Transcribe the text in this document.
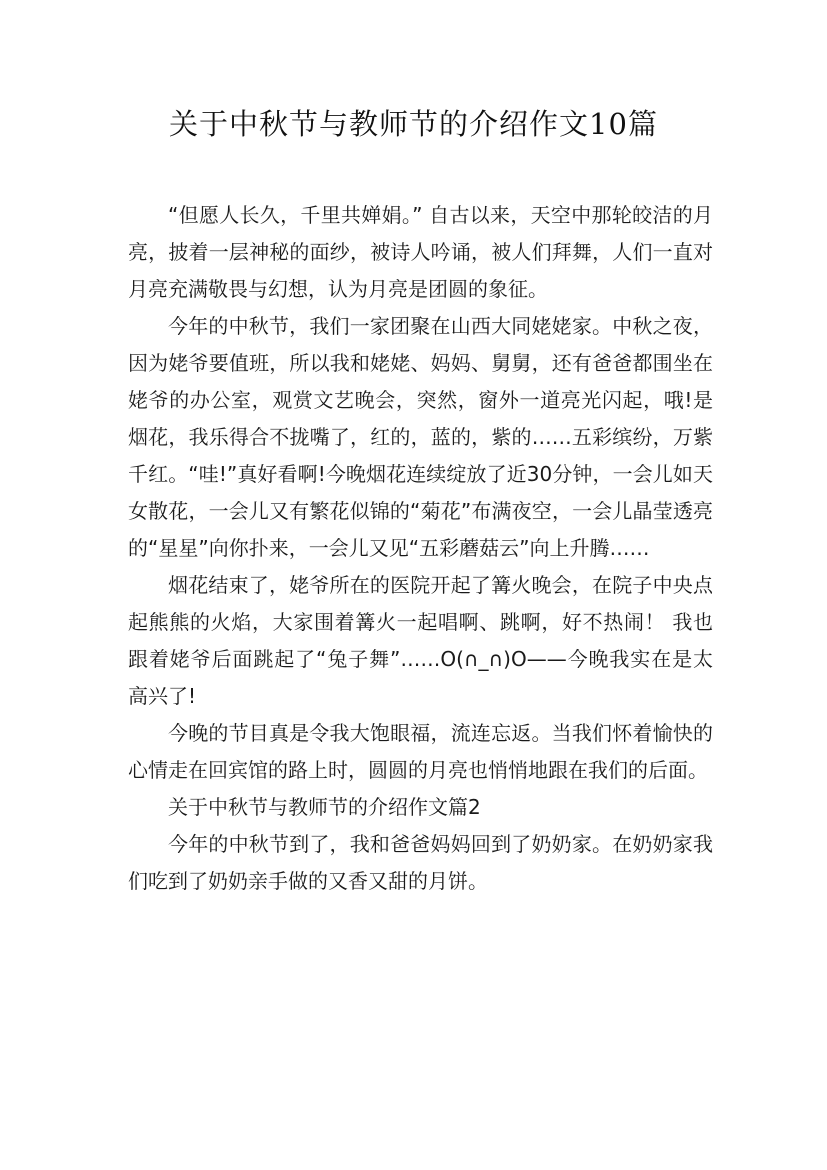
关于中秋节与教师节的介绍作文10篇

“但愿人长久，千里共婵娟。” 自古以来，天空中那轮皎洁的月亮，披着一层神秘的面纱，被诗人吟诵，被人们拜舞，人们一直对月亮充满敬畏与幻想，认为月亮是团圆的象征。

今年的中秋节，我们一家团聚在山西大同姥姥家。中秋之夜，因为姥爷要值班，所以我和姥姥、妈妈、舅舅，还有爸爸都围坐在姥爷的办公室，观赏文艺晚会，突然，窗外一道亮光闪起，哦!是烟花，我乐得合不拢嘴了，红的，蓝的，紫的……五彩缤纷，万紫千红。“哇!”真好看啊!今晚烟花连续绽放了近30分钟，一会儿如天女散花，一会儿又有繁花似锦的“菊花”布满夜空，一会儿晶莹透亮的“星星”向你扑来，一会儿又见“五彩蘑菇云”向上升腾……

烟花结束了，姥爷所在的医院开起了篝火晚会，在院子中央点起熊熊的火焰，大家围着篝火一起唱啊、跳啊，好不热闹！ 我也跟着姥爷后面跳起了“兔子舞”……O(∩_∩)O——今晚我实在是太高兴了!

今晚的节目真是令我大饱眼福，流连忘返。当我们怀着愉快的心情走在回宾馆的路上时，圆圆的月亮也悄悄地跟在我们的后面。

关于中秋节与教师节的介绍作文篇2

今年的中秋节到了，我和爸爸妈妈回到了奶奶家。在奶奶家我们吃到了奶奶亲手做的又香又甜的月饼。
